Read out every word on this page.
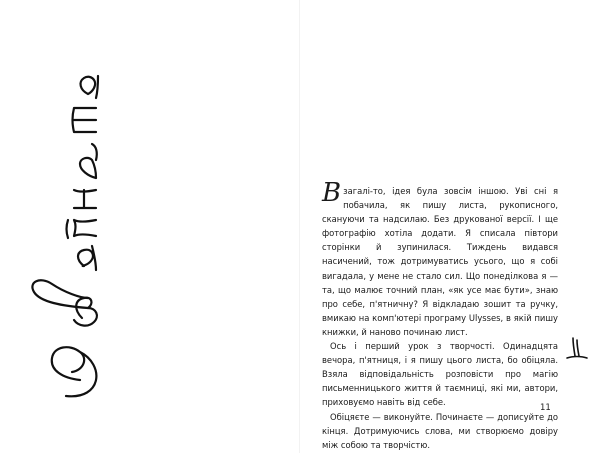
Взагалі-то, ідея була зовсім іншою. Уві сні я побачила, як пишу листа, рукописного, скануючи та надсилаю. Без друкованої версії. І ще фотографію хотіла додати. Я списала півтори сторінки й зупинилася. Тиждень видався насичений, тож дотримуватись усього, що я собі вигадала, у мене не стало сил. Що понеділкова я — та, що малює точний план, «як усе має бути», знаю про себе, п'ятничну? Я відкладаю зошит та ручку, вмикаю на комп'ютері програму Ulysses, в якій пишу книжки, й наново починаю лист.

Ось і перший урок з творчості. Одинадцята вечора, п'ятниця, і я пишу цього листа, бо обіцяла. Взяла відповідальність розповісти про магію письменницького життя й таємниці, які ми, автори, приховуємо навіть від себе.

Обіцяєте — виконуйте. Починаєте — дописуйте до кінця. Дотримуючись слова, ми створюємо довіру між собою та творчістю.

11
